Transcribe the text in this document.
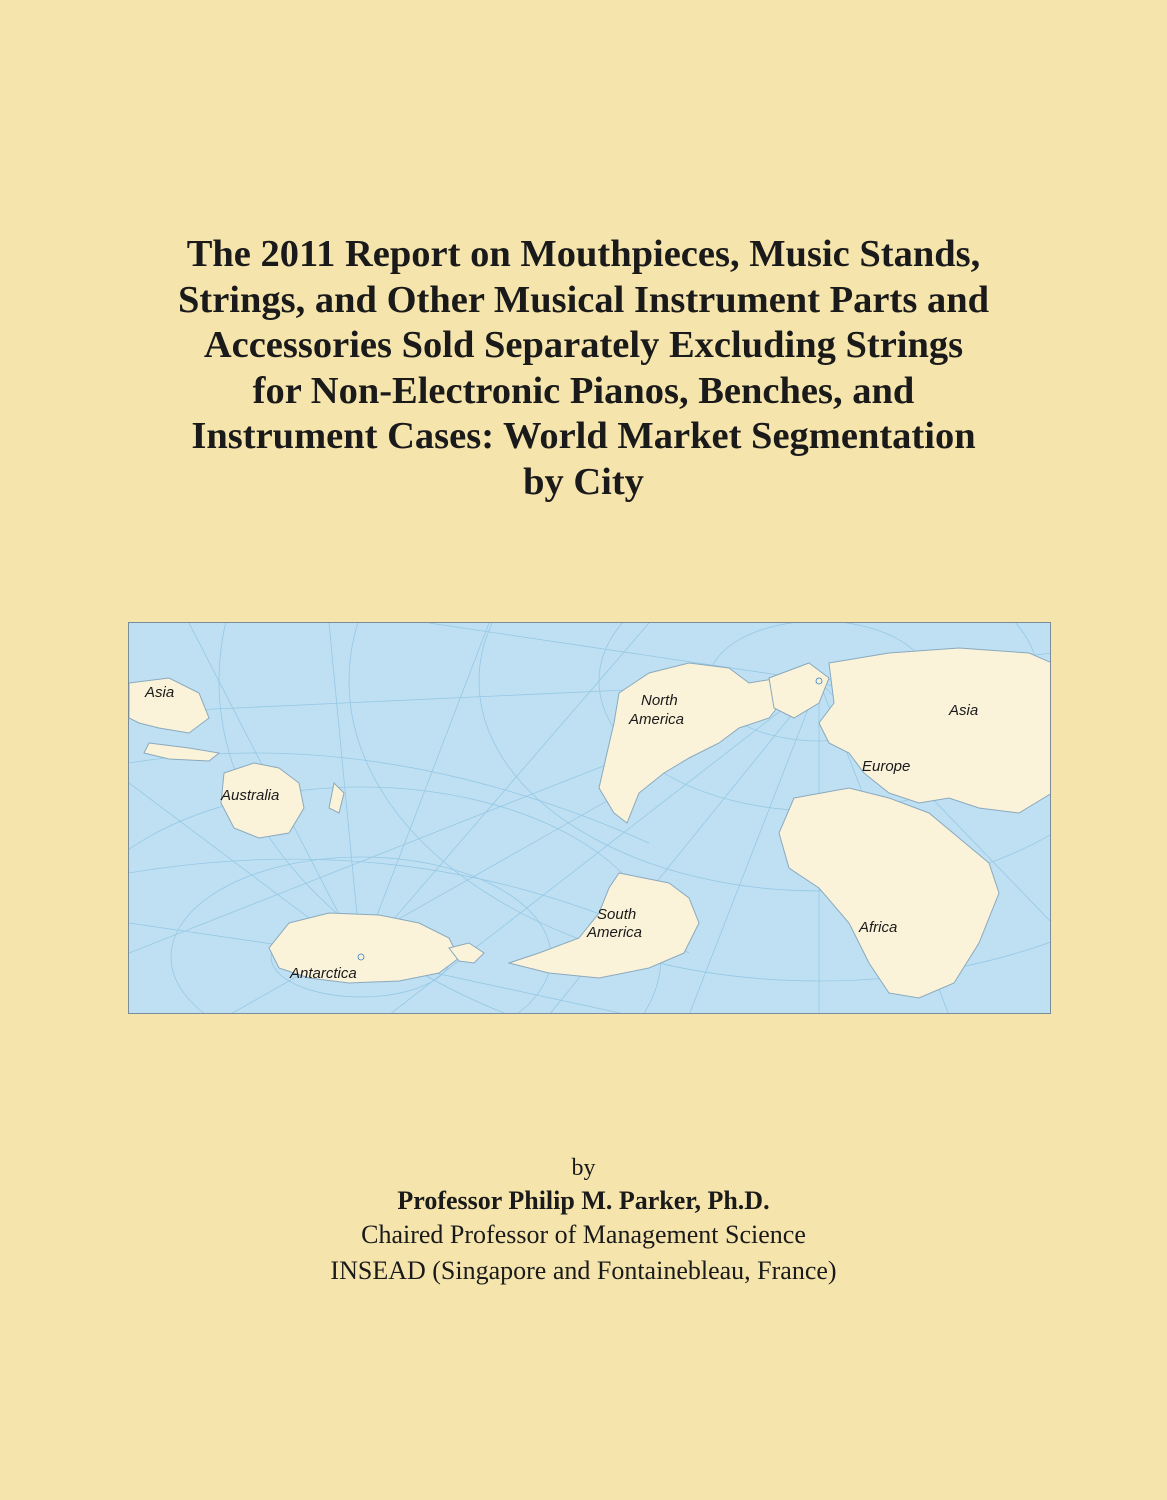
The 2011 Report on Mouthpieces, Music Stands,
Strings, and Other Musical Instrument Parts and
Accessories Sold Separately Excluding Strings
for Non-Electronic Pianos, Benches, and
Instrument Cases: World Market Segmentation
by City
Asia	North
America
Asia
Australia
Europe
South
America	Africa
Antarctica
by
Professor Philip M. Parker, Ph.D.
Chaired Professor of Management Science
INSEAD (Singapore and Fontainebleau, France)
